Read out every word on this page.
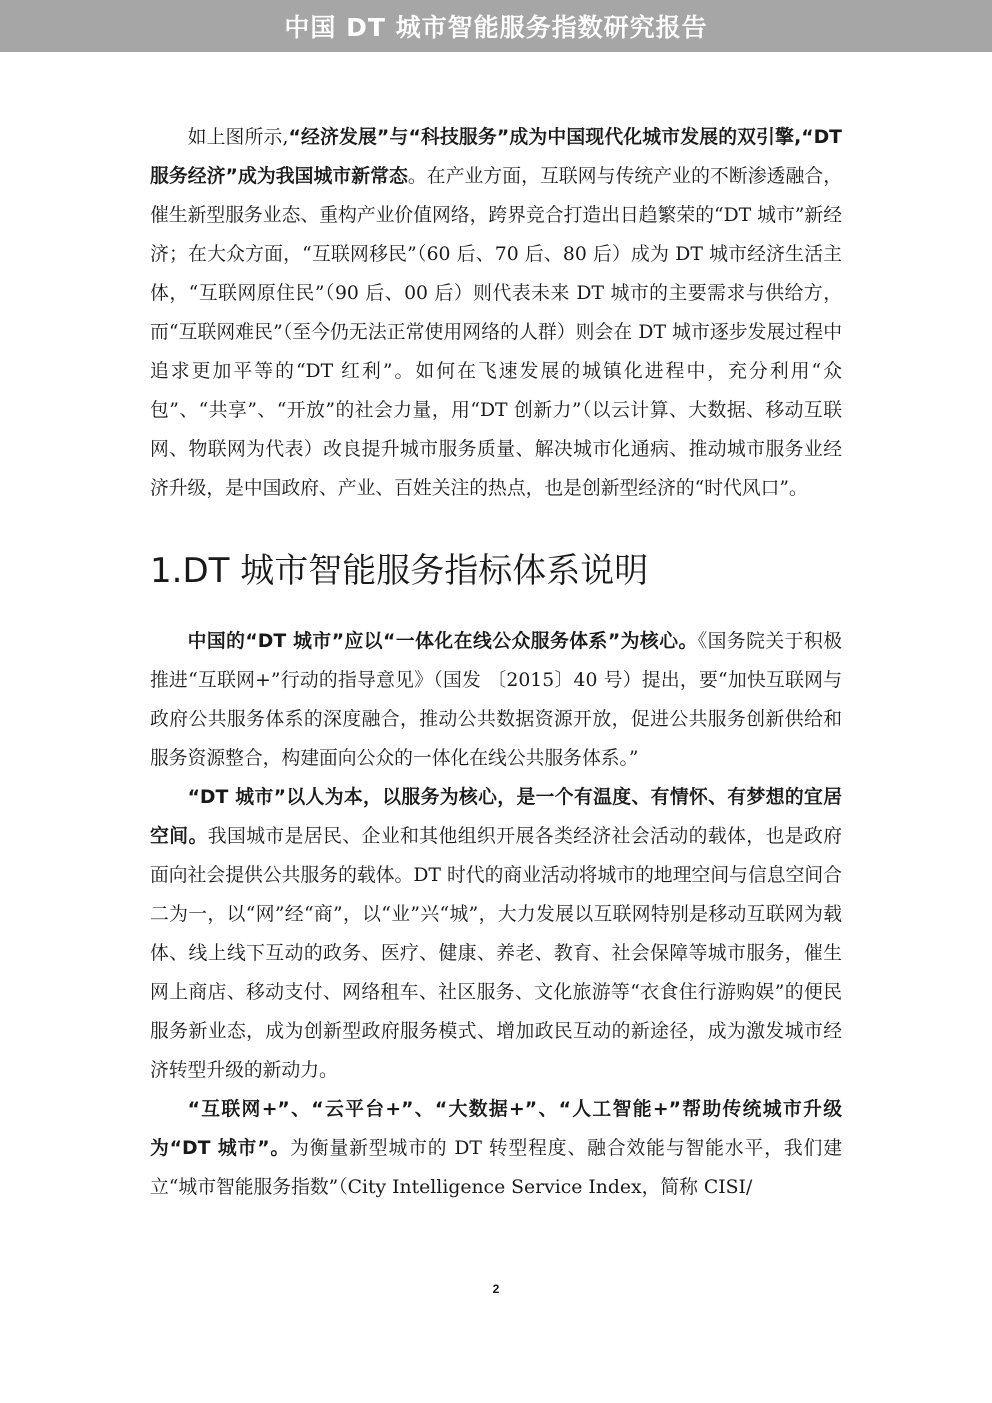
中国 DT 城市智能服务指数研究报告

如上图所示,“经济发展”与“科技服务”成为中国现代化城市发展的双引擎,“DT 服务经济”成为我国城市新常态。在产业方面，互联网与传统产业的不断渗透融合，催生新型服务业态、重构产业价值网络，跨界竞合打造出日趋繁荣的“DT 城市”新经济；在大众方面，“互联网移民”（60 后、70 后、80 后）成为 DT 城市经济生活主体，“互联网原住民”（90 后、00 后）则代表未来 DT 城市的主要需求与供给方，而“互联网难民”（至今仍无法正常使用网络的人群）则会在 DT 城市逐步发展过程中追求更加平等的“DT 红利”。如何在飞速发展的城镇化进程中，充分利用“众包”、“共享”、“开放”的社会力量，用“DT 创新力”（以云计算、大数据、移动互联网、物联网为代表）改良提升城市服务质量、解决城市化通病、推动城市服务业经济升级，是中国政府、产业、百姓关注的热点，也是创新型经济的“时代风口”。

1.DT 城市智能服务指标体系说明

中国的“DT 城市”应以“一体化在线公众服务体系”为核心。《国务院关于积极推进“互联网+”行动的指导意见》（国发 〔2015〕40 号）提出，要“加快互联网与政府公共服务体系的深度融合，推动公共数据资源开放，促进公共服务创新供给和服务资源整合，构建面向公众的一体化在线公共服务体系。”

“DT 城市”以人为本，以服务为核心，是一个有温度、有情怀、有梦想的宜居空间。我国城市是居民、企业和其他组织开展各类经济社会活动的载体，也是政府面向社会提供公共服务的载体。DT 时代的商业活动将城市的地理空间与信息空间合二为一，以“网”经“商”，以“业”兴“城”，大力发展以互联网特别是移动互联网为载体、线上线下互动的政务、医疗、健康、养老、教育、社会保障等城市服务，催生网上商店、移动支付、网络租车、社区服务、文化旅游等“衣食住行游购娱”的便民服务新业态，成为创新型政府服务模式、增加政民互动的新途径，成为激发城市经济转型升级的新动力。

“互联网+”、“云平台+”、“大数据+”、“人工智能+”帮助传统城市升级为“DT 城市”。为衡量新型城市的 DT 转型程度、融合效能与智能水平，我们建立“城市智能服务指数”（City Intelligence Service Index，简称 CISI/

2
